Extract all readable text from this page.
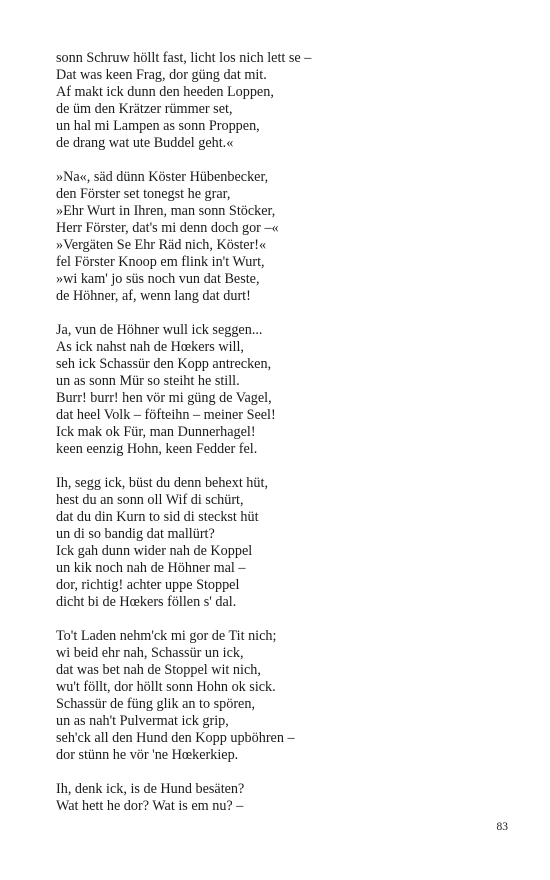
sonn Schruw höllt fast, licht los nich lett se –
Dat was keen Frag, dor güng dat mit.
Af makt ick dunn den heeden Loppen,
de üm den Krätzer rümmer set,
un hal mi Lampen as sonn Proppen,
de drang wat ute Buddel geht.«
»Na«, säd dünn Köster Hübenbecker,
den Förster set tonegst he grar,
»Ehr Wurt in Ihren, man sonn Stöcker,
Herr Förster, dat's mi denn doch gor –«
»Vergäten Se Ehr Räd nich, Köster!«
fel Förster Knoop em flink in't Wurt,
»wi kam' jo süs noch vun dat Beste,
de Höhner, af, wenn lang dat durt!
Ja, vun de Höhner wull ick seggen...
As ick nahst nah de Hœkers will,
seh ick Schassür den Kopp antrecken,
un as sonn Mür so steiht he still.
Burr! burr! hen vör mi güng de Vagel,
dat heel Volk – föfteihn – meiner Seel!
Ick mak ok Für, man Dunnerhagel!
keen eenzig Hohn, keen Fedder fel.
Ih, segg ick, büst du denn behext hüt,
hest du an sonn oll Wif di schürt,
dat du din Kurn to sid di steckst hüt
un di so bandig dat mallürt?
Ick gah dunn wider nah de Koppel
un kik noch nah de Höhner mal –
dor, richtig! achter uppe Stoppel
dicht bi de Hœkers föllen s' dal.
To't Laden nehm'ck mi gor de Tit nich;
wi beid ehr nah, Schassür un ick,
dat was bet nah de Stoppel wit nich,
wu't föllt, dor höllt sonn Hohn ok sick.
Schassür de füng glik an to spören,
un as nah't Pulvermat ick grip,
seh'ck all den Hund den Kopp upböhren –
dor stünn he vör 'ne Hœkerkiep.
Ih, denk ick, is de Hund besäten?
Wat hett he dor? Wat is em nu? –
83
